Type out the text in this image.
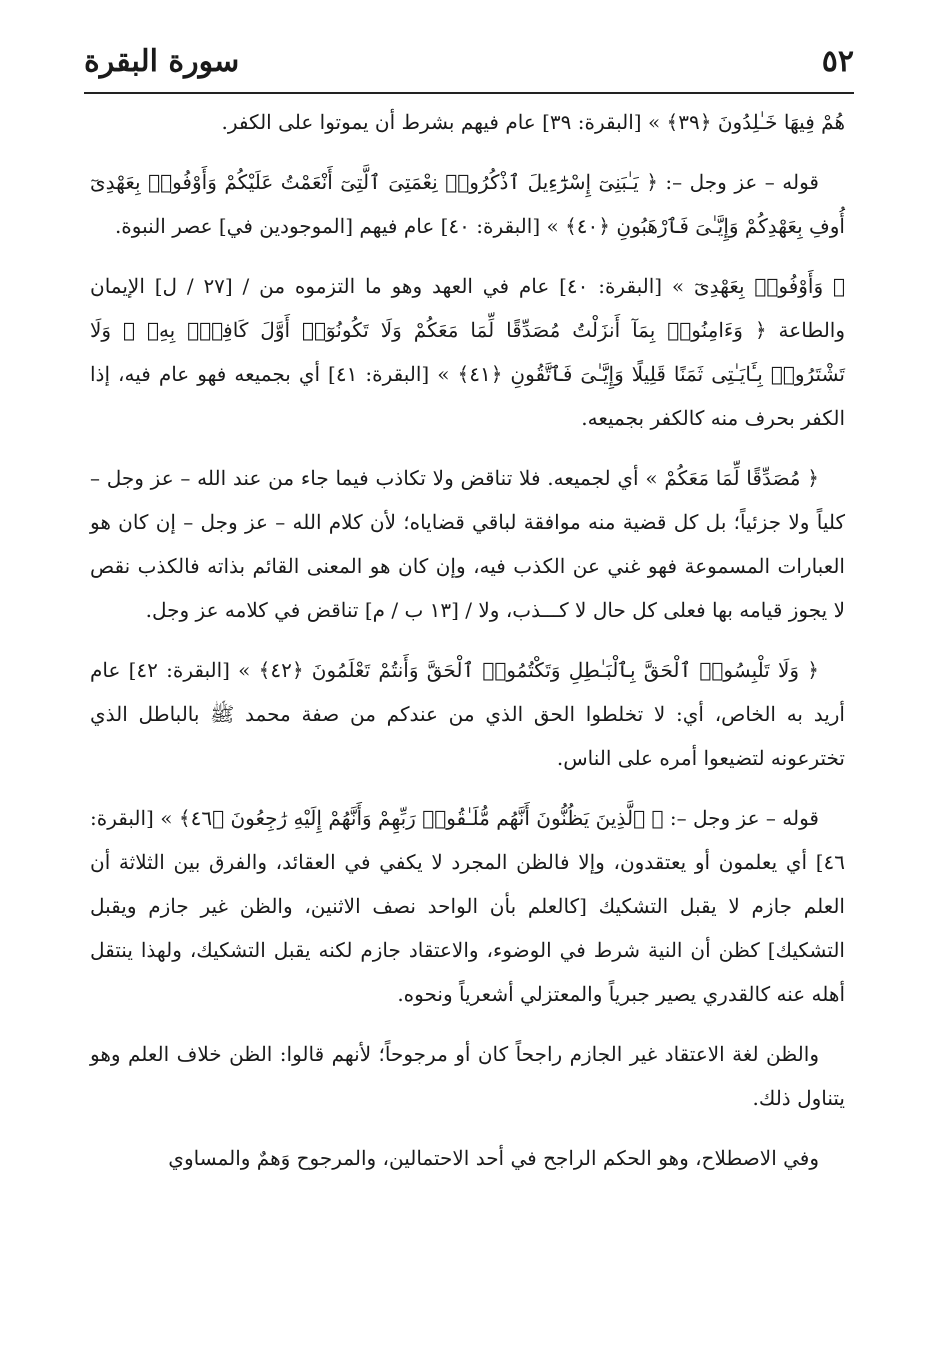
٥٢
سورة البقرة

هُمْ فِيهَا خَـٰلِدُونَ ﴿٣٩﴾ » [البقرة: ٣٩] عام فيهم بشرط أن يموتوا على الكفر.

قوله – عز وجل –: ﴿ يَـٰبَنِىٓ إِسْرَٰٓءِيلَ ٱذْكُرُوا۟ نِعْمَتِىَ ٱلَّتِىٓ أَنْعَمْتُ عَلَيْكُمْ وَأَوْفُوا۟ بِعَهْدِىٓ أُوفِ بِعَهْدِكُمْ وَإِيَّـٰىَ فَٱرْهَبُونِ ﴿٤٠﴾ » [البقرة: ٤٠] عام فيهم [الموجودين في] عصر النبوة.

﴿ وَأَوْفُوا۟ بِعَهْدِىٓ » [البقرة: ٤٠] عام في العهد وهو ما التزموه من / [٢٧ / ل] الإيمان والطاعة ﴿ وَءَامِنُوا۟ بِمَآ أَنزَلْتُ مُصَدِّقًا لِّمَا مَعَكُمْ وَلَا تَكُونُوٓا۟ أَوَّلَ كَافِرٍۭ بِهِۦ ۖ وَلَا تَشْتَرُوا۟ بِـَٔايَـٰتِى ثَمَنًا قَلِيلًا وَإِيَّـٰىَ فَٱتَّقُونِ ﴿٤١﴾ » [البقرة: ٤١] أي بجميعه فهو عام فيه، إذا الكفر بحرف منه كالكفر بجميعه.

﴿ مُصَدِّقًا لِّمَا مَعَكُمْ » أي لجميعه. فلا تناقض ولا تكاذب فيما جاء من عند الله – عز وجل – كلياً ولا جزئياً؛ بل كل قضية منه موافقة لباقي قضاياه؛ لأن كلام الله – عز وجل – إن كان هو العبارات المسموعة فهو غني عن الكذب فيه، وإن كان هو المعنى القائم بذاته فالكذب نقص لا يجوز قيامه بها فعلى كل حال لا كـــذب، ولا / [١٣ ب / م] تناقض في كلامه عز وجل.

﴿ وَلَا تَلْبِسُوا۟ ٱلْحَقَّ بِٱلْبَـٰطِلِ وَتَكْتُمُوا۟ ٱلْحَقَّ وَأَنتُمْ تَعْلَمُونَ ﴿٤٢﴾ » [البقرة: ٤٢] عام أريد به الخاص، أي: لا تخلطوا الحق الذي من عندكم من صفة محمد ﷺ بالباطل الذي تخترعونه لتضيعوا أمره على الناس.

قوله – عز وجل –: ﴿ ٱلَّذِينَ يَظُنُّونَ أَنَّهُم مُّلَـٰقُوا۟ رَبِّهِمْ وَأَنَّهُمْ إِلَيْهِ رَٰجِعُونَ ﴿٤٦﴾ » [البقرة: ٤٦] أي يعلمون أو يعتقدون، وإلا فالظن المجرد لا يكفي في العقائد، والفرق بين الثلاثة أن العلم جازم لا يقبل التشكيك [كالعلم بأن الواحد نصف الاثنين، والظن غير جازم ويقبل التشكيك] كظن أن النية شرط في الوضوء، والاعتقاد جازم لكنه يقبل التشكيك، ولهذا ينتقل أهله عنه كالقدري يصير جبرياً والمعتزلي أشعرياً ونحوه.

والظن لغة الاعتقاد غير الجازم راجحاً كان أو مرجوحاً؛ لأنهم قالوا: الظن خلاف العلم وهو يتناول ذلك.

وفي الاصطلاح، وهو الحكم الراجح في أحد الاحتمالين، والمرجوح وَهمٌ والمساوي
